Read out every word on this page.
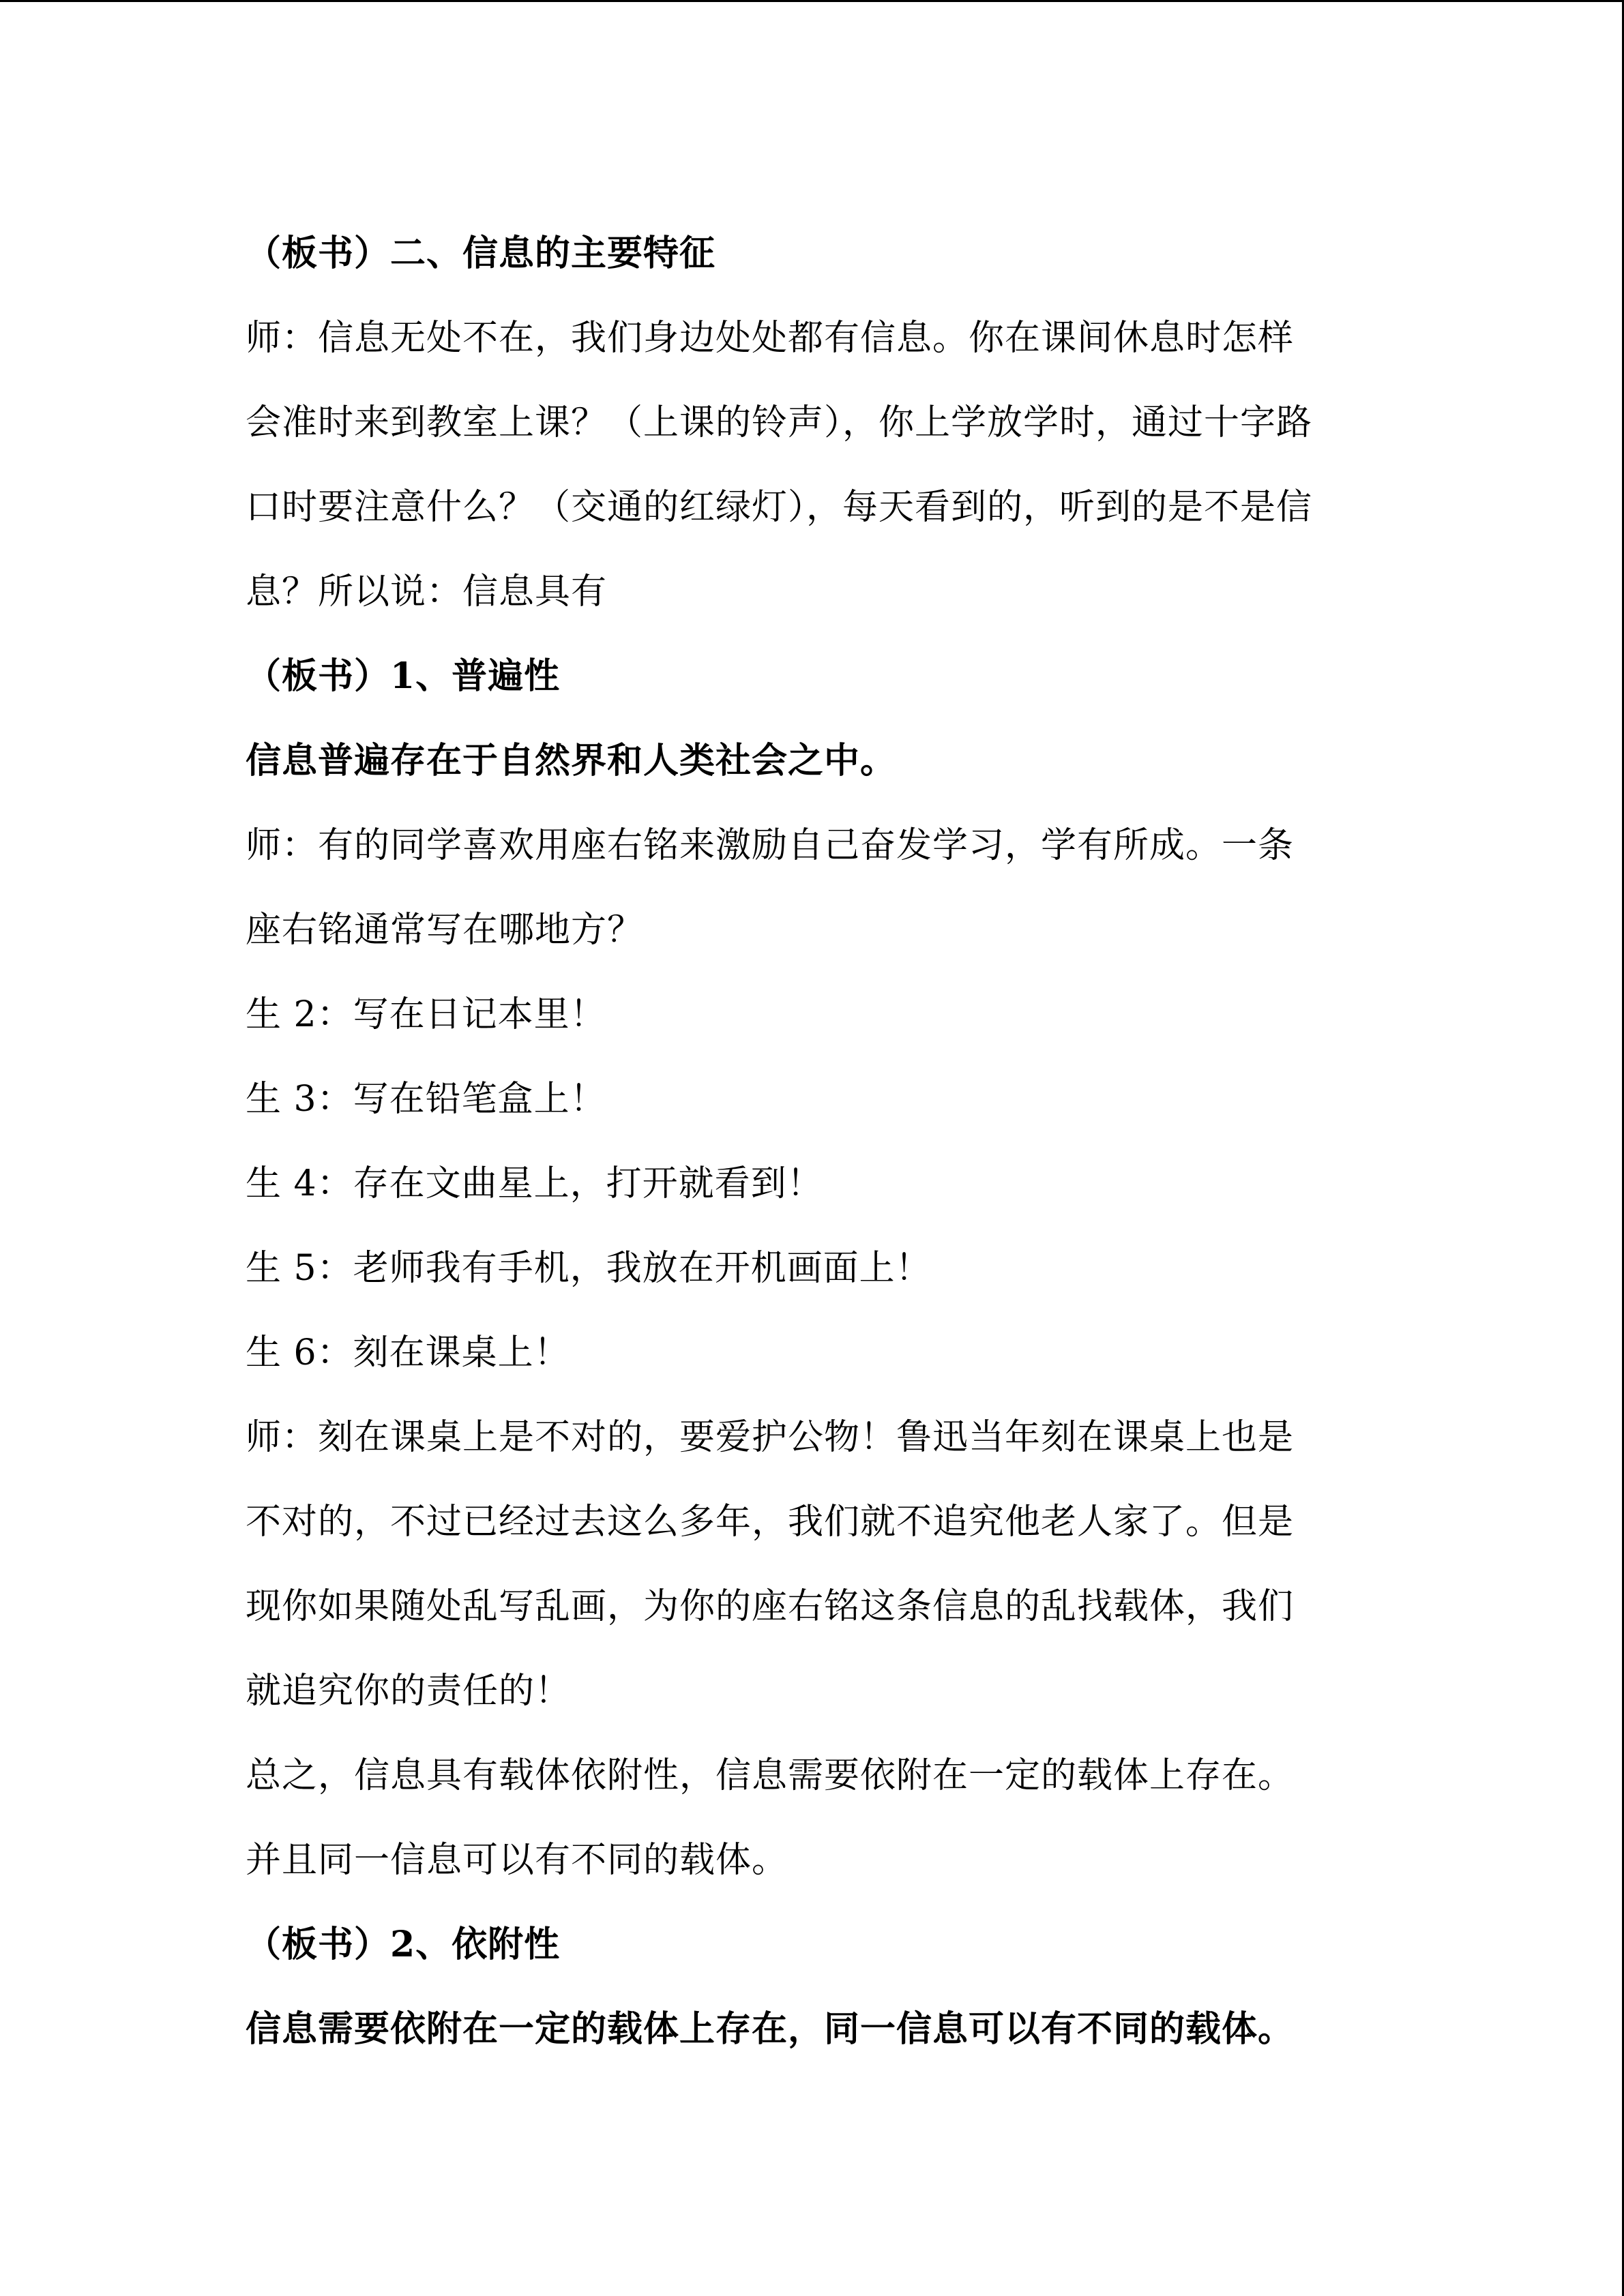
（板书）二、信息的主要特征
师：信息无处不在，我们身边处处都有信息。你在课间休息时怎样
会准时来到教室上课？（上课的铃声），你上学放学时，通过十字路
口时要注意什么？（交通的红绿灯），每天看到的，听到的是不是信
息？所以说：信息具有
（板书）1、普遍性
信息普遍存在于自然界和人类社会之中。
师：有的同学喜欢用座右铭来激励自己奋发学习，学有所成。一条
座右铭通常写在哪地方？
生 2：写在日记本里！
生 3：写在铅笔盒上！
生 4：存在文曲星上，打开就看到！
生 5：老师我有手机，我放在开机画面上！
生 6：刻在课桌上！
师：刻在课桌上是不对的，要爱护公物！鲁迅当年刻在课桌上也是
不对的，不过已经过去这么多年，我们就不追究他老人家了。但是
现你如果随处乱写乱画，为你的座右铭这条信息的乱找载体，我们
就追究你的责任的！
总之，信息具有载体依附性，信息需要依附在一定的载体上存在。
并且同一信息可以有不同的载体。
（板书）2、依附性
信息需要依附在一定的载体上存在，同一信息可以有不同的载体。
